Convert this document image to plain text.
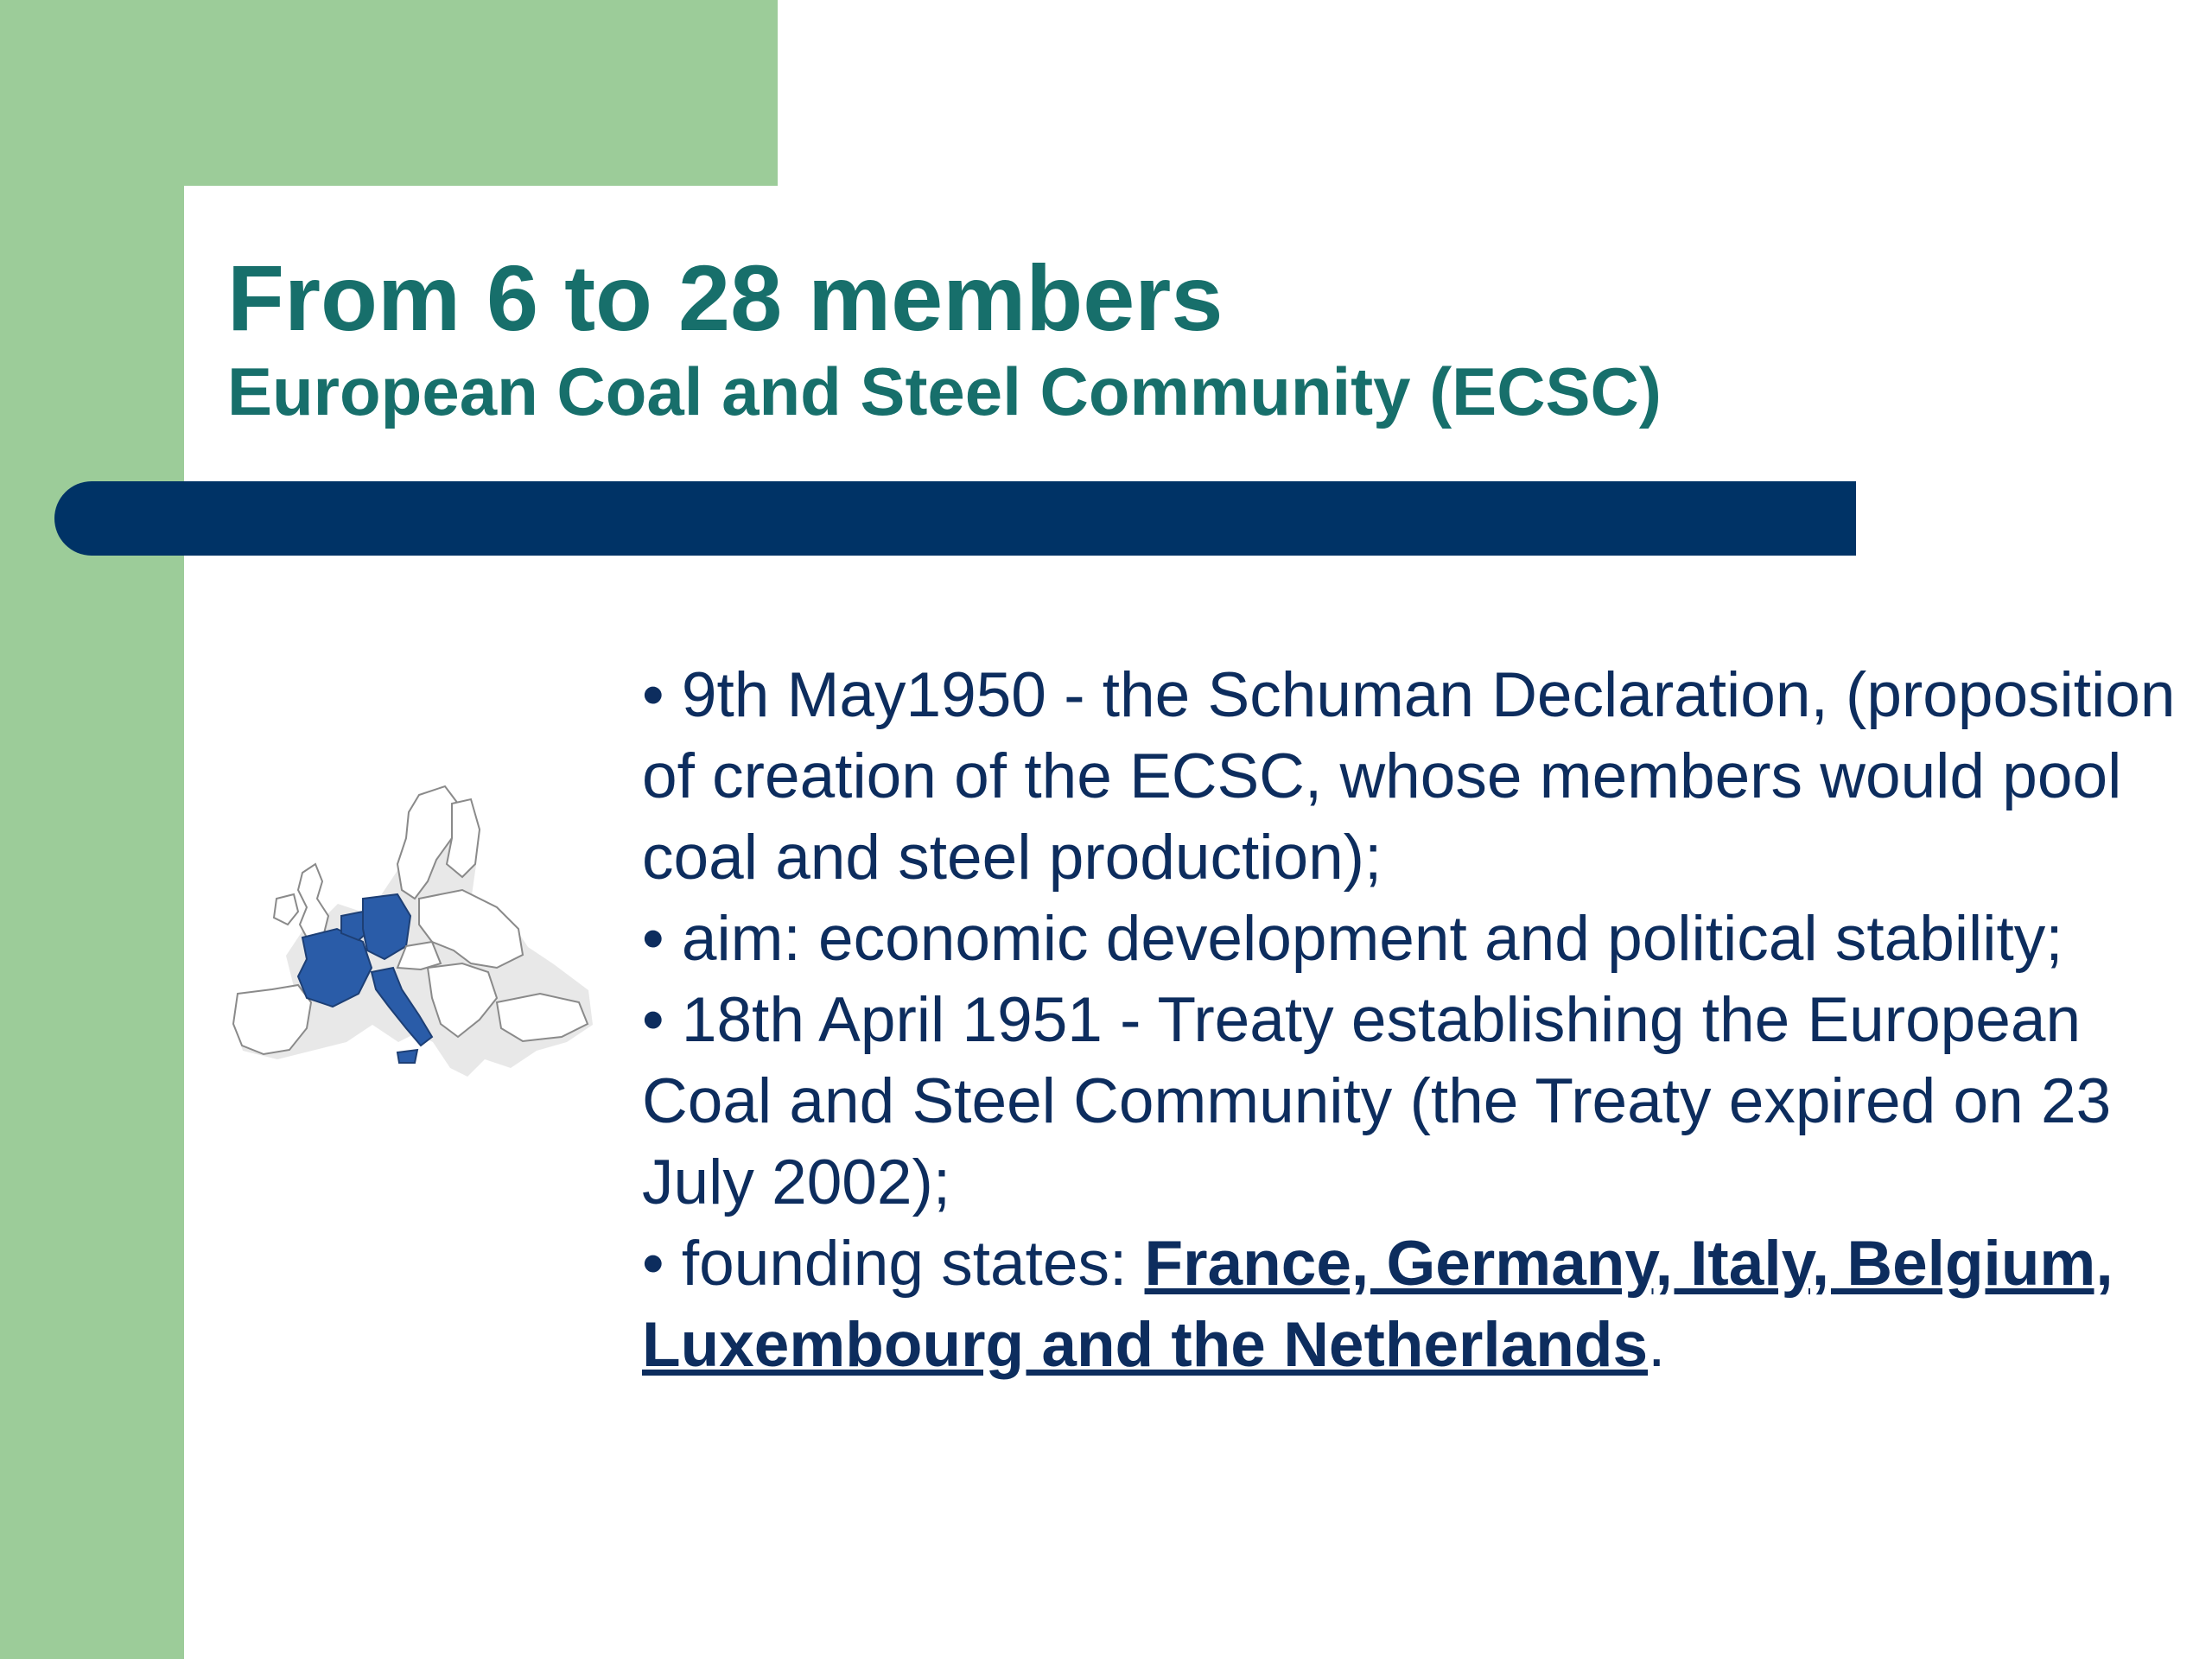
From 6 to 28 members
European Coal and Steel Community (ECSC)

• 9th May1950 - the Schuman Declaration, (proposition of creation of the ECSC, whose members would pool coal and steel production);

• aim: economic development and political stability;

• 18th April 1951 - Treaty establishing the European Coal and Steel Community (the Treaty expired on 23 July 2002);

• founding states: France, Germany, Italy, Belgium, Luxembourg and the Netherlands.
